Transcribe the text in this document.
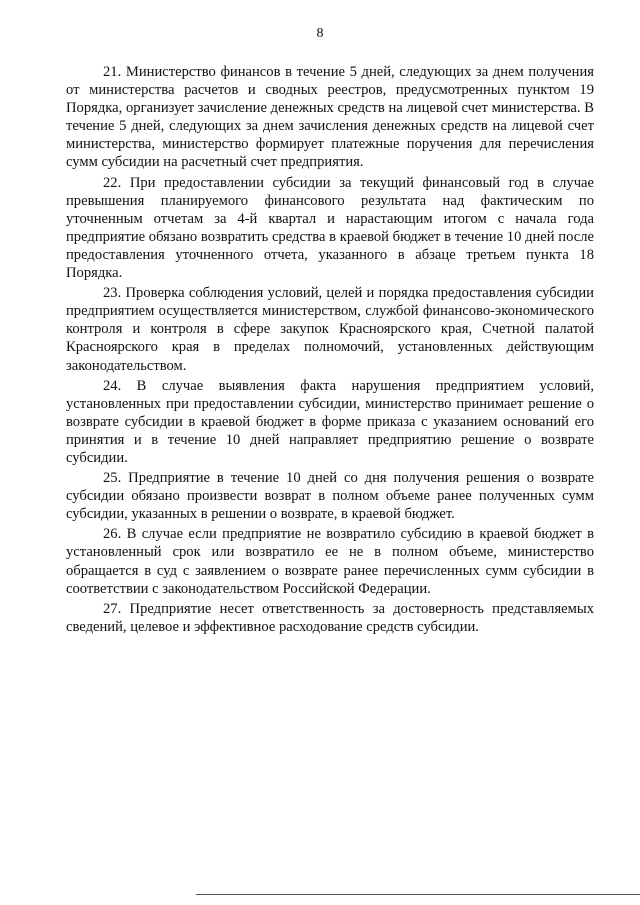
8

21. Министерство финансов в течение 5 дней, следующих за днем получения от министерства расчетов и сводных реестров, предусмотренных пунктом 19 Порядка, организует зачисление денежных средств на лицевой счет министерства. В течение 5 дней, следующих за днем зачисления денежных средств на лицевой счет министерства, министерство формирует платежные поручения для перечисления сумм субсидии на расчетный счет предприятия.

22. При предоставлении субсидии за текущий финансовый год в случае превышения планируемого финансового результата над фактическим по уточненным отчетам за 4-й квартал и нарастающим итогом с начала года предприятие обязано возвратить средства в краевой бюджет в течение 10 дней после предоставления уточненного отчета, указанного в абзаце третьем пункта 18 Порядка.

23. Проверка соблюдения условий, целей и порядка предоставления субсидии предприятием осуществляется министерством, службой финансово-экономического контроля и контроля в сфере закупок Красноярского края, Счетной палатой Красноярского края в пределах полномочий, установленных действующим законодательством.

24. В случае выявления факта нарушения предприятием условий, установленных при предоставлении субсидии, министерство принимает решение о возврате субсидии в краевой бюджет в форме приказа с указанием оснований его принятия и в течение 10 дней направляет предприятию решение о возврате субсидии.

25. Предприятие в течение 10 дней со дня получения решения о возврате субсидии обязано произвести возврат в полном объеме ранее полученных сумм субсидии, указанных в решении о возврате, в краевой бюджет.

26. В случае если предприятие не возвратило субсидию в краевой бюджет в установленный срок или возвратило ее не в полном объеме, министерство обращается в суд с заявлением о возврате ранее перечисленных сумм субсидии в соответствии с законодательством Российской Федерации.

27. Предприятие несет ответственность за достоверность представляемых сведений, целевое и эффективное расходование средств субсидии.
